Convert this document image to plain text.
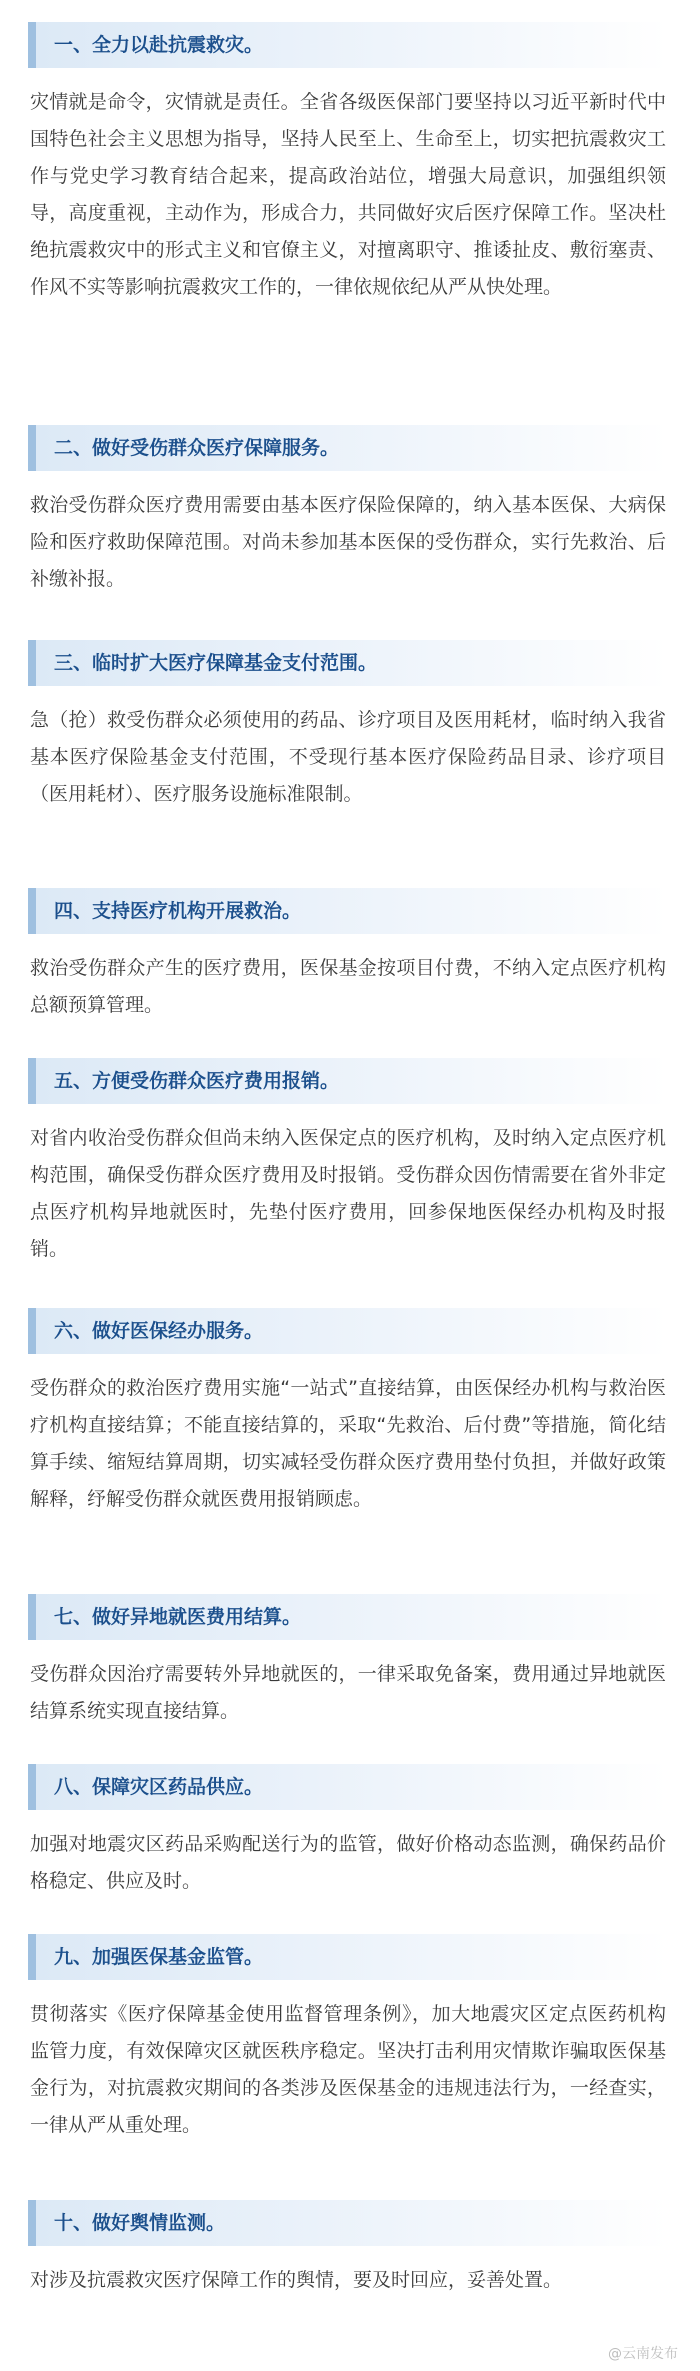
一、全力以赴抗震救灾。

灾情就是命令，灾情就是责任。全省各级医保部门要坚持以习近平新时代中国特色社会主义思想为指导，坚持人民至上、生命至上，切实把抗震救灾工作与党史学习教育结合起来，提高政治站位，增强大局意识，加强组织领导，高度重视，主动作为，形成合力，共同做好灾后医疗保障工作。坚决杜绝抗震救灾中的形式主义和官僚主义，对擅离职守、推诿扯皮、敷衍塞责、作风不实等影响抗震救灾工作的，一律依规依纪从严从快处理。

二、做好受伤群众医疗保障服务。

救治受伤群众医疗费用需要由基本医疗保险保障的，纳入基本医保、大病保险和医疗救助保障范围。对尚未参加基本医保的受伤群众，实行先救治、后补缴补报。

三、临时扩大医疗保障基金支付范围。

急（抢）救受伤群众必须使用的药品、诊疗项目及医用耗材，临时纳入我省基本医疗保险基金支付范围，不受现行基本医疗保险药品目录、诊疗项目（医用耗材）、医疗服务设施标准限制。

四、支持医疗机构开展救治。

救治受伤群众产生的医疗费用，医保基金按项目付费，不纳入定点医疗机构总额预算管理。

五、方便受伤群众医疗费用报销。

对省内收治受伤群众但尚未纳入医保定点的医疗机构，及时纳入定点医疗机构范围，确保受伤群众医疗费用及时报销。受伤群众因伤情需要在省外非定点医疗机构异地就医时，先垫付医疗费用，回参保地医保经办机构及时报销。

六、做好医保经办服务。

受伤群众的救治医疗费用实施“一站式”直接结算，由医保经办机构与救治医疗机构直接结算；不能直接结算的，采取“先救治、后付费”等措施，简化结算手续、缩短结算周期，切实减轻受伤群众医疗费用垫付负担，并做好政策解释，纾解受伤群众就医费用报销顾虑。

七、做好异地就医费用结算。

受伤群众因治疗需要转外异地就医的，一律采取免备案，费用通过异地就医结算系统实现直接结算。

八、保障灾区药品供应。

加强对地震灾区药品采购配送行为的监管，做好价格动态监测，确保药品价格稳定、供应及时。

九、加强医保基金监管。

贯彻落实《医疗保障基金使用监督管理条例》，加大地震灾区定点医药机构监管力度，有效保障灾区就医秩序稳定。坚决打击利用灾情欺诈骗取医保基金行为，对抗震救灾期间的各类涉及医保基金的违规违法行为，一经查实，一律从严从重处理。

十、做好舆情监测。

对涉及抗震救灾医疗保障工作的舆情，要及时回应，妥善处置。

@云南发布
